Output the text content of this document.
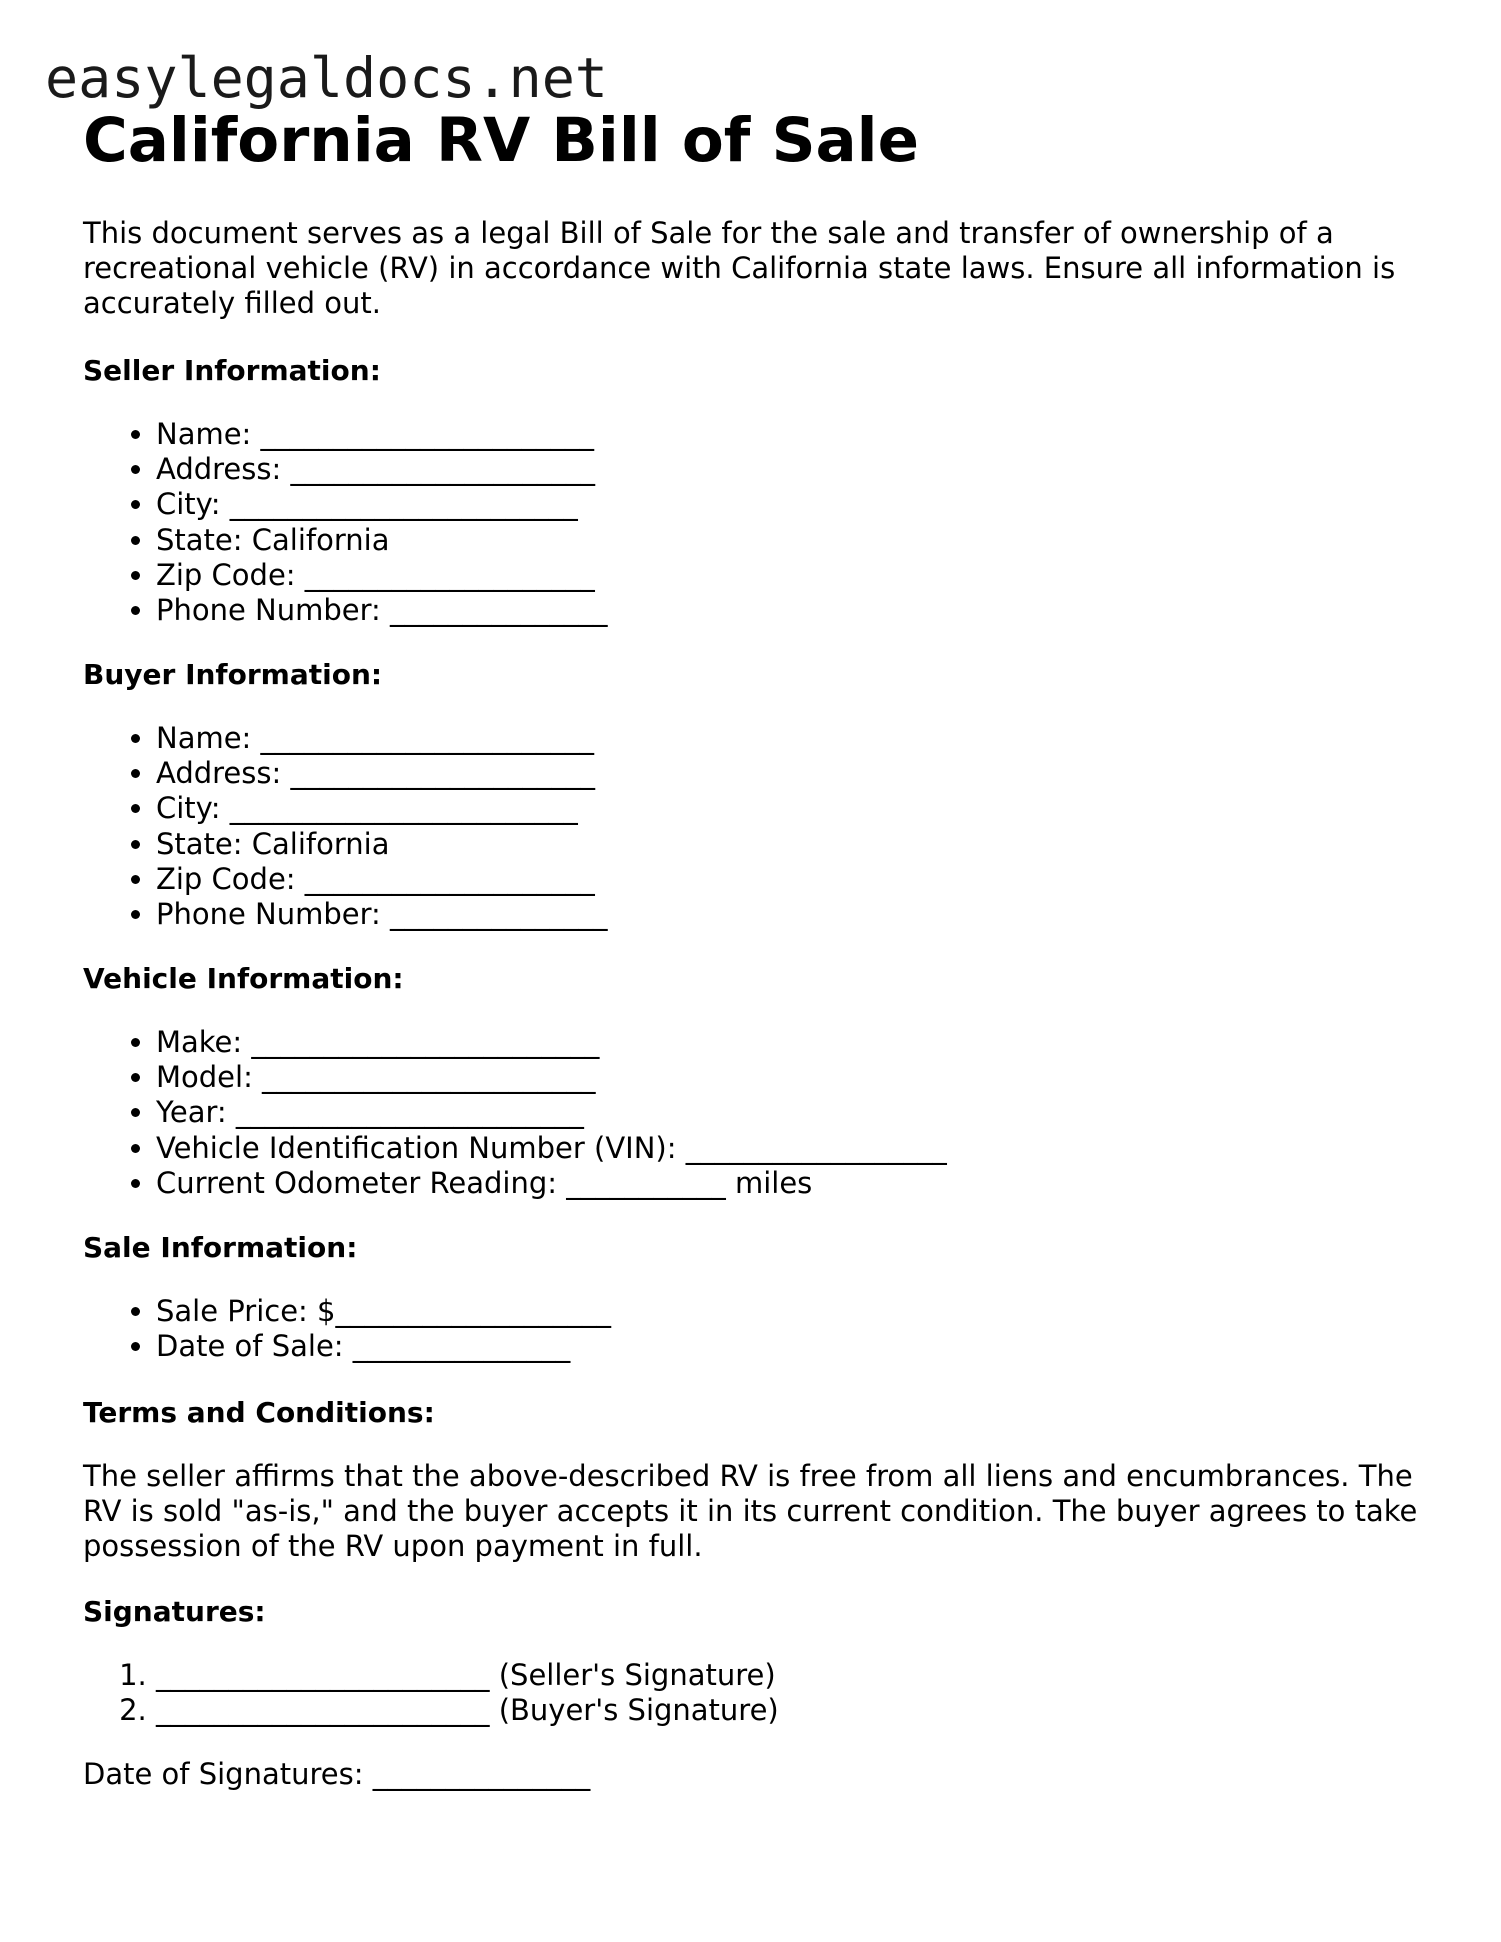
easylegaldocs.net
California RV Bill of Sale

This document serves as a legal Bill of Sale for the sale and transfer of ownership of a recreational vehicle (RV) in accordance with California state laws. Ensure all information is accurately filled out.

Seller Information:

• Name: _______________________
• Address: _____________________
• City: ________________________
• State: California
• Zip Code: ____________________
• Phone Number: _______________

Buyer Information:

• Name: _______________________
• Address: _____________________
• City: ________________________
• State: California
• Zip Code: ____________________
• Phone Number: _______________

Vehicle Information:

• Make: ________________________
• Model: _______________________
• Year: ________________________
• Vehicle Identification Number (VIN): __________________
• Current Odometer Reading: ___________ miles

Sale Information:

• Sale Price: $___________________
• Date of Sale: _______________

Terms and Conditions:

The seller affirms that the above-described RV is free from all liens and encumbrances. The RV is sold "as-is," and the buyer accepts it in its current condition. The buyer agrees to take possession of the RV upon payment in full.

Signatures:

1. _______________________ (Seller's Signature)
2. _______________________ (Buyer's Signature)

Date of Signatures: _______________
